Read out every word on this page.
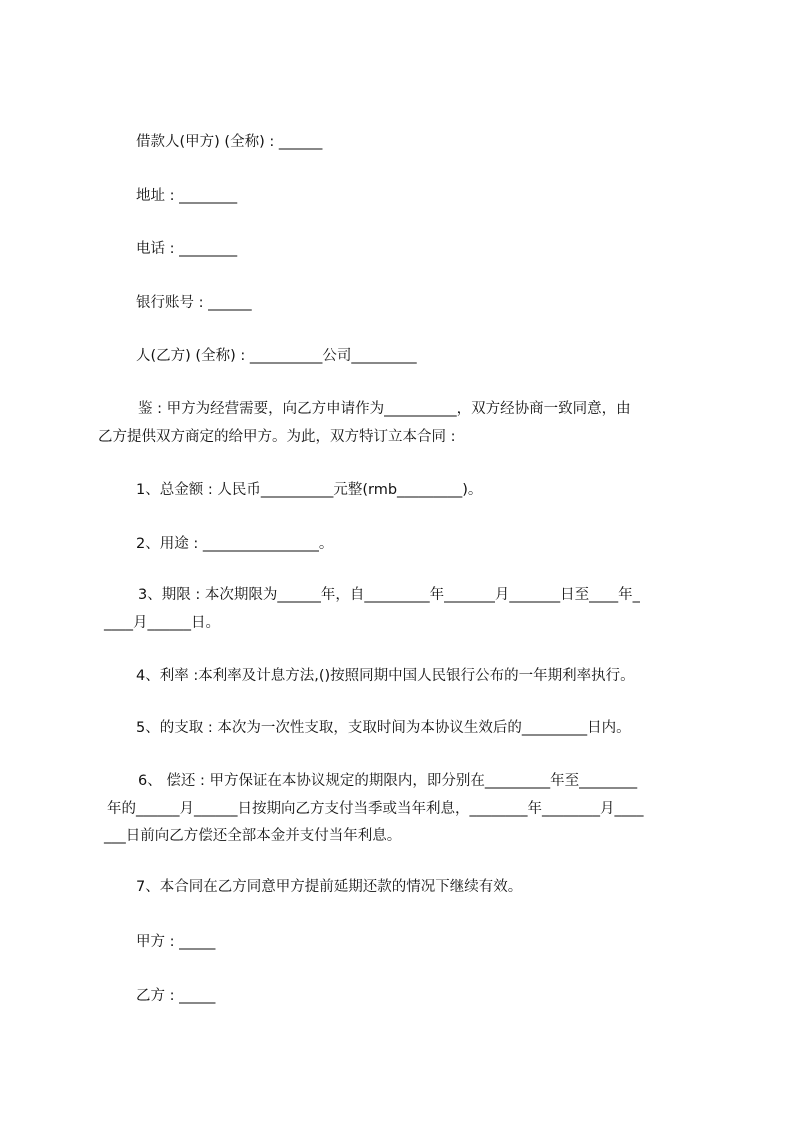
借款人(甲方) (全称) : ______
地址 : ________
电话 : ________
银行账号 : ______
人(乙方) (全称) : __________公司_________
鉴 : 甲方为经营需要，向乙方申请作为__________，双方经协商一致同意，由
乙方提供双方商定的给甲方。为此，双方特订立本合同 :
1、总金额 : 人民币__________元整(rmb_________)。
2、用途 : ________________。
3、期限 : 本次期限为______年，自_________年_______月_______日至____年_
____月______日。
4、利率 :本利率及计息方法,()按照同期中国人民银行公布的一年期利率执行。
5、的支取 : 本次为一次性支取，支取时间为本协议生效后的_________日内。
6、 偿还 : 甲方保证在本协议规定的期限内，即分别在_________年至________
年的______月______日按期向乙方支付当季或当年利息，________年________月____
___日前向乙方偿还全部本金并支付当年利息。
7、本合同在乙方同意甲方提前延期还款的情况下继续有效。
甲方 : _____
乙方 : _____
